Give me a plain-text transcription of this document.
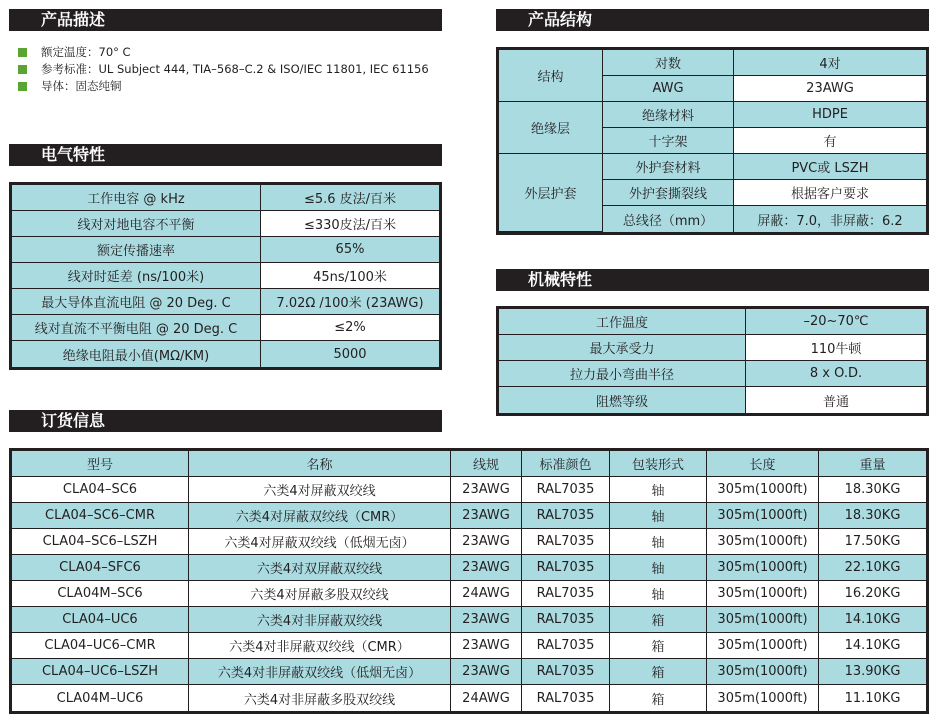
产品描述	产品结构
电气特性
机械特性
订货信息
额定温度：70° C
参考标准：UL Subject 444, TIA–568–C.2 & ISO/IEC 11801, IEC 61156
导体：固态纯铜
工作电容 @ kHz	≤5.6 皮法/百米
线对对地电容不平衡	≤330皮法/百米
额定传播速率	65%
线对时延差 (ns/100米)	45ns/100米
最大导体直流电阻 @ 20 Deg. C	7.02Ω /100米 (23AWG)
线对直流不平衡电阻 @ 20 Deg. C	≤2%
绝缘电阻最小值(MΩ/KM)	5000
结构	对数	4对
	AWG	23AWG
绝缘层	绝缘材料	HDPE
	十字架	有
外层护套	外护套材料	PVC或 LSZH
	外护套撕裂线	根据客户要求
	总线径（mm）	屏蔽：7.0，非屏蔽：6.2
工作温度	–20~70℃
最大承受力	110牛顿
拉力最小弯曲半径	8 x O.D.
阻燃等级	普通
型号	名称	线规	标准颜色	包装形式	长度	重量
CLA04–SC6	六类4对屏蔽双绞线	23AWG	RAL7035	轴	305m(1000ft)	18.30KG
CLA04–SC6–CMR	六类4对屏蔽双绞线（CMR）	23AWG	RAL7035	轴	305m(1000ft)	18.30KG
CLA04–SC6–LSZH	六类4对屏蔽双绞线（低烟无卤）	23AWG	RAL7035	轴	305m(1000ft)	17.50KG
CLA04–SFC6	六类4对双屏蔽双绞线	23AWG	RAL7035	轴	305m(1000ft)	22.10KG
CLA04M–SC6	六类4对屏蔽多股双绞线	24AWG	RAL7035	轴	305m(1000ft)	16.20KG
CLA04–UC6	六类4对非屏蔽双绞线	23AWG	RAL7035	箱	305m(1000ft)	14.10KG
CLA04–UC6–CMR	六类4对非屏蔽双绞线（CMR）	23AWG	RAL7035	箱	305m(1000ft)	14.10KG
CLA04–UC6–LSZH	六类4对非屏蔽双绞线（低烟无卤）	23AWG	RAL7035	箱	305m(1000ft)	13.90KG
CLA04M–UC6	六类4对非屏蔽多股双绞线	24AWG	RAL7035	箱	305m(1000ft)	11.10KG
